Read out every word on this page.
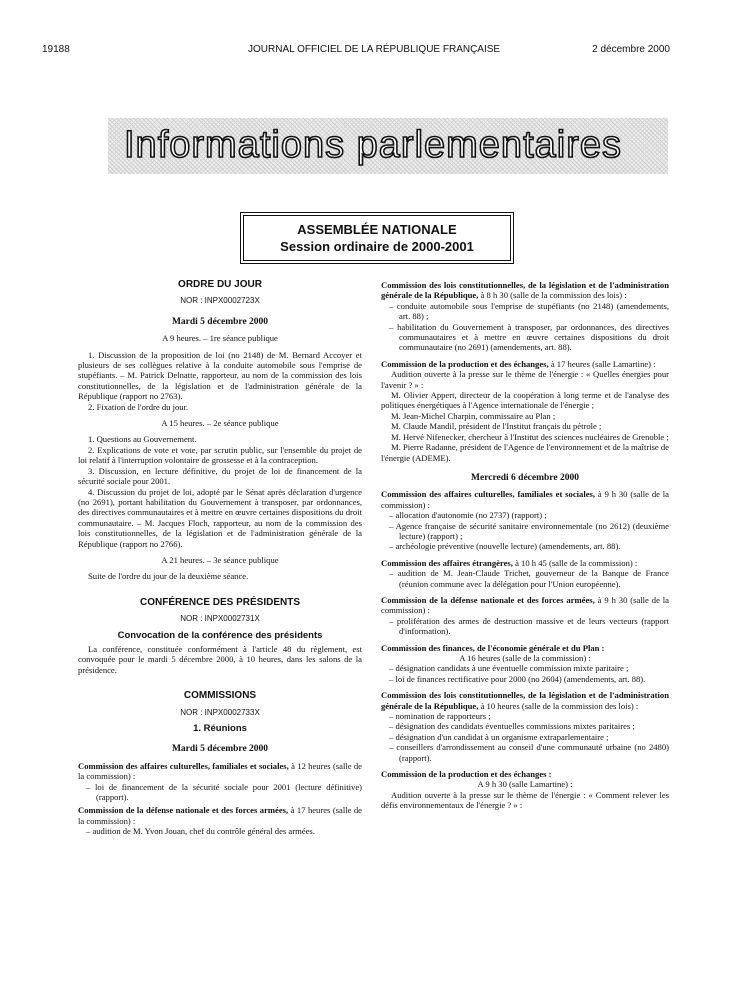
19188	JOURNAL OFFICIEL DE LA RÉPUBLIQUE FRANÇAISE	2 décembre 2000
Informations parlementaires
ASSEMBLÉE NATIONALE
Session ordinaire de 2000-2001
ORDRE DU JOUR
NOR : INPX0002723X
Mardi 5 décembre 2000
A 9 heures. – 1re séance publique

1. Discussion de la proposition de loi (no 2148) de M. Bernard Accoyer et plusieurs de ses collègues relative à la conduite automobile sous l'emprise de stupéfiants. – M. Patrick Delnatte, rapporteur, au nom de la commission des lois constitutionnelles, de la législation et de l'administration générale de la République (rapport no 2763).

2. Fixation de l'ordre du jour.

A 15 heures. – 2e séance publique

1. Questions au Gouvernement.

2. Explications de vote et vote, par scrutin public, sur l'ensemble du projet de loi relatif à l'interruption volontaire de grossesse et à la contraception.

3. Discussion, en lecture définitive, du projet de loi de financement de la sécurité sociale pour 2001.

4. Discussion du projet de loi, adopté par le Sénat après déclaration d'urgence (no 2691), portant habilitation du Gouvernement à transposer, par ordonnances, des directives communautaires et à mettre en œuvre certaines dispositions du droit communautaire. – M. Jacques Floch, rapporteur, au nom de la commission des lois constitutionnelles, de la législation et de l'administration générale de la République (rapport no 2766).

A 21 heures. – 3e séance publique

Suite de l'ordre du jour de la deuxième séance.

CONFÉRENCE DES PRÉSIDENTS
NOR : INPX0002731X
Convocation de la conférence des présidents

La conférence, constituée conformément à l'article 48 du règlement, est convoquée pour le mardi 5 décembre 2000, à 10 heures, dans les salons de la présidence.

COMMISSIONS
NOR : INPX0002733X
1. Réunions
Mardi 5 décembre 2000

Commission des affaires culturelles, familiales et sociales, à 12 heures (salle de la commission) :

– loi de financement de la sécurité sociale pour 2001 (lecture définitive) (rapport).

Commission de la défense nationale et des forces armées, à 17 heures (salle de la commission) :

– audition de M. Yvon Jouan, chef du contrôle général des armées.

Commission des lois constitutionnelles, de la législation et de l'administration générale de la République, à 8 h 30 (salle de la commission des lois) :

– conduite automobile sous l'emprise de stupéfiants (no 2148) (amendements, art. 88) ;

– habilitation du Gouvernement à transposer, par ordonnances, des directives communautaires et à mettre en œuvre certaines dispositions du droit communautaire (no 2691) (amendements, art. 88).

Commission de la production et des échanges, à 17 heures (salle Lamartine) :

Audition ouverte à la presse sur le thème de l'énergie : « Quelles énergies pour l'avenir ? » :

M. Olivier Appert, directeur de la coopération à long terme et de l'analyse des politiques énergétiques à l'Agence internationale de l'énergie ;

M. Jean-Michel Charpin, commissaire au Plan ;

M. Claude Mandil, président de l'Institut français du pétrole ;

M. Hervé Nifenecker, chercheur à l'Institut des sciences nucléaires de Grenoble ;

M. Pierre Radanne, président de l'Agence de l'environnement et de la maîtrise de l'énergie (ADEME).

Mercredi 6 décembre 2000

Commission des affaires culturelles, familiales et sociales, à 9 h 30 (salle de la commission) :

– allocation d'autonomie (no 2737) (rapport) ;

– Agence française de sécurité sanitaire environnementale (no 2612) (deuxième lecture) (rapport) ;

– archéologie préventive (nouvelle lecture) (amendements, art. 88).

Commission des affaires étrangères, à 10 h 45 (salle de la commission) :

– audition de M. Jean-Claude Trichet, gouverneur de la Banque de France (réunion commune avec la délégation pour l'Union européenne).

Commission de la défense nationale et des forces armées, à 9 h 30 (salle de la commission) :

– prolifération des armes de destruction massive et de leurs vecteurs (rapport d'information).

Commission des finances, de l'économie générale et du Plan :

A 16 heures (salle de la commission) :

– désignation candidats à une éventuelle commission mixte paritaire ;

– loi de finances rectificative pour 2000 (no 2604) (amendements, art. 88).

Commission des lois constitutionnelles, de la législation et de l'administration générale de la République, à 10 heures (salle de la commission des lois) :

– nomination de rapporteurs ;

– désignation des candidats éventuelles commissions mixtes paritaires ;

– désignation d'un candidat à un organisme extraparlementaire ;

– conseillers d'arrondissement au conseil d'une communauté urbaine (no 2480) (rapport).

Commission de la production et des échanges :

A 9 h 30 (salle Lamartine) :

Audition ouverte à la presse sur le thème de l'énergie : « Comment relever les défis environnementaux de l'énergie ? » :
